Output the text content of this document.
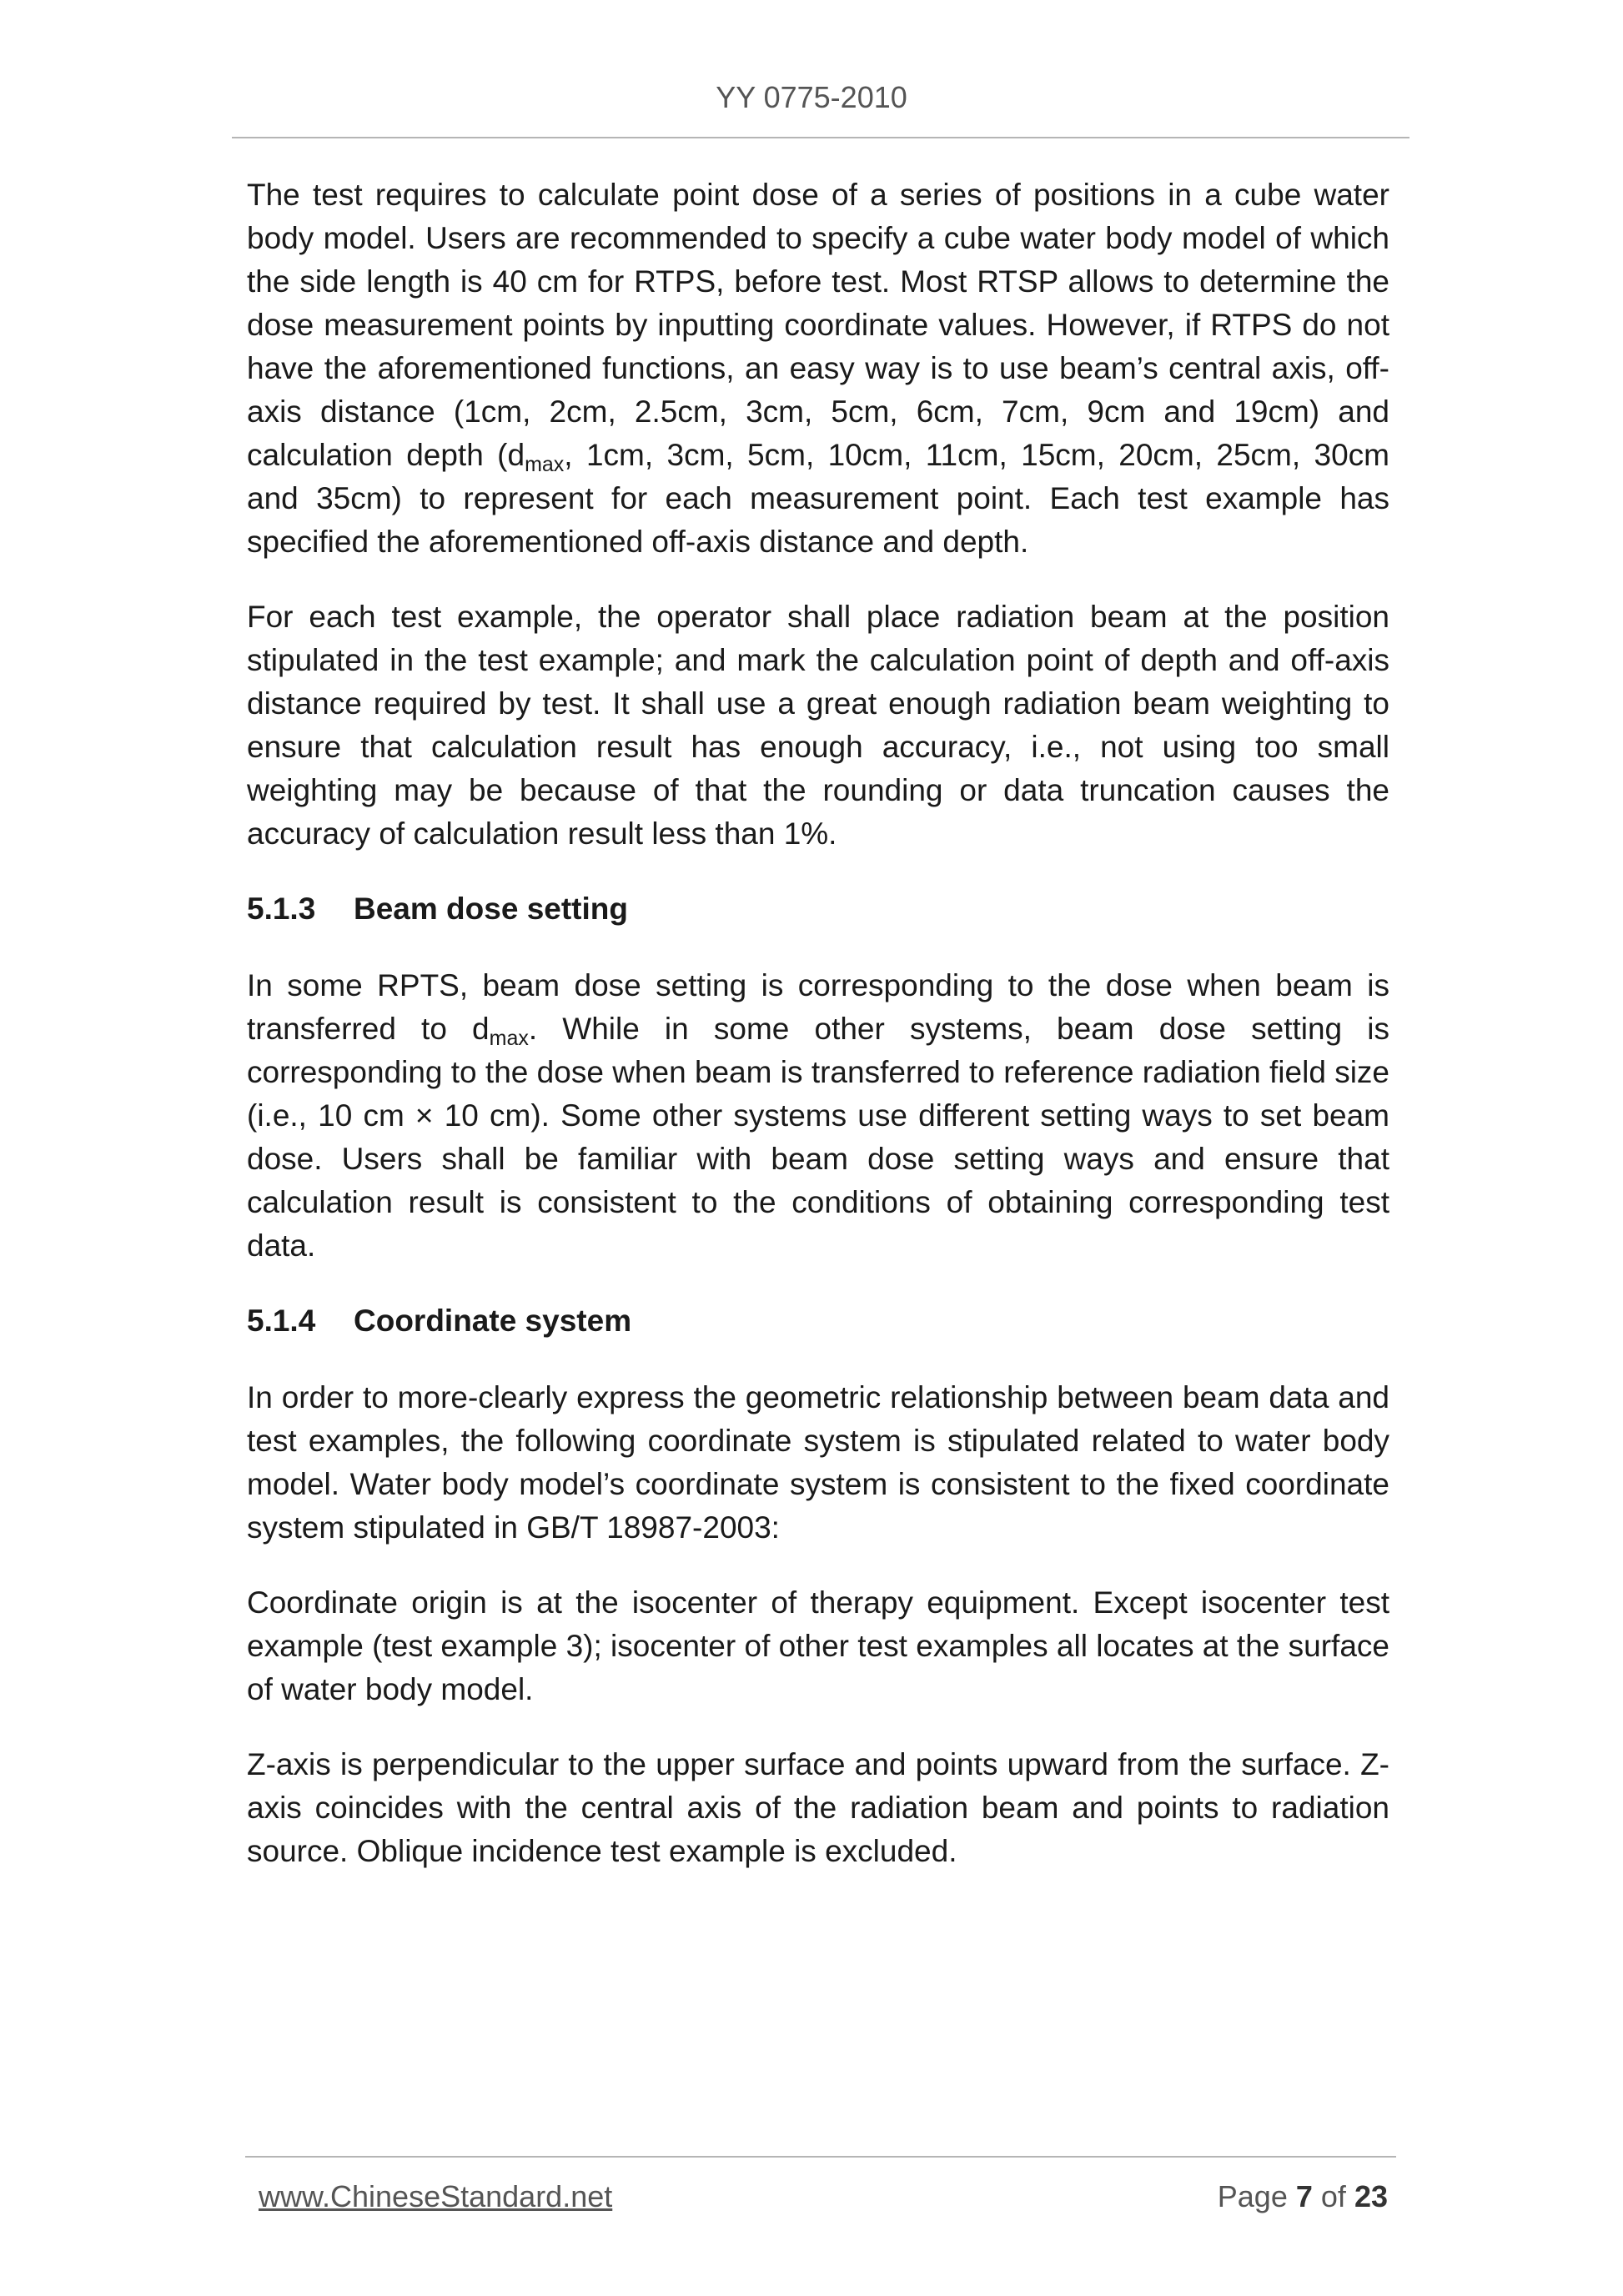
YY 0775-2010

The test requires to calculate point dose of a series of positions in a cube water body model. Users are recommended to specify a cube water body model of which the side length is 40 cm for RTPS, before test. Most RTSP allows to determine the dose measurement points by inputting coordinate values. However, if RTPS do not have the aforementioned functions, an easy way is to use beam’s central axis, off-axis distance (1cm, 2cm, 2.5cm, 3cm, 5cm, 6cm, 7cm, 9cm and 19cm) and calculation depth ($d_{max}$, 1cm, 3cm, 5cm, 10cm, 11cm, 15cm, 20cm, 25cm, 30cm and 35cm) to represent for each measurement point. Each test example has specified the aforementioned off-axis distance and depth.

For each test example, the operator shall place radiation beam at the position stipulated in the test example; and mark the calculation point of depth and off-axis distance required by test. It shall use a great enough radiation beam weighting to ensure that calculation result has enough accuracy, i.e., not using too small weighting may be because of that the rounding or data truncation causes the accuracy of calculation result less than 1%.

5.1.3 Beam dose setting

In some RPTS, beam dose setting is corresponding to the dose when beam is transferred to $d_{max}$. While in some other systems, beam dose setting is corresponding to the dose when beam is transferred to reference radiation field size (i.e., 10 cm × 10 cm). Some other systems use different setting ways to set beam dose. Users shall be familiar with beam dose setting ways and ensure that calculation result is consistent to the conditions of obtaining corresponding test data.

5.1.4 Coordinate system

In order to more-clearly express the geometric relationship between beam data and test examples, the following coordinate system is stipulated related to water body model. Water body model’s coordinate system is consistent to the fixed coordinate system stipulated in GB/T 18987-2003:

Coordinate origin is at the isocenter of therapy equipment. Except isocenter test example (test example 3); isocenter of other test examples all locates at the surface of water body model.

Z-axis is perpendicular to the upper surface and points upward from the surface. Z-axis coincides with the central axis of the radiation beam and points to radiation source. Oblique incidence test example is excluded.

www.ChineseStandard.net	Page 7 of 23
